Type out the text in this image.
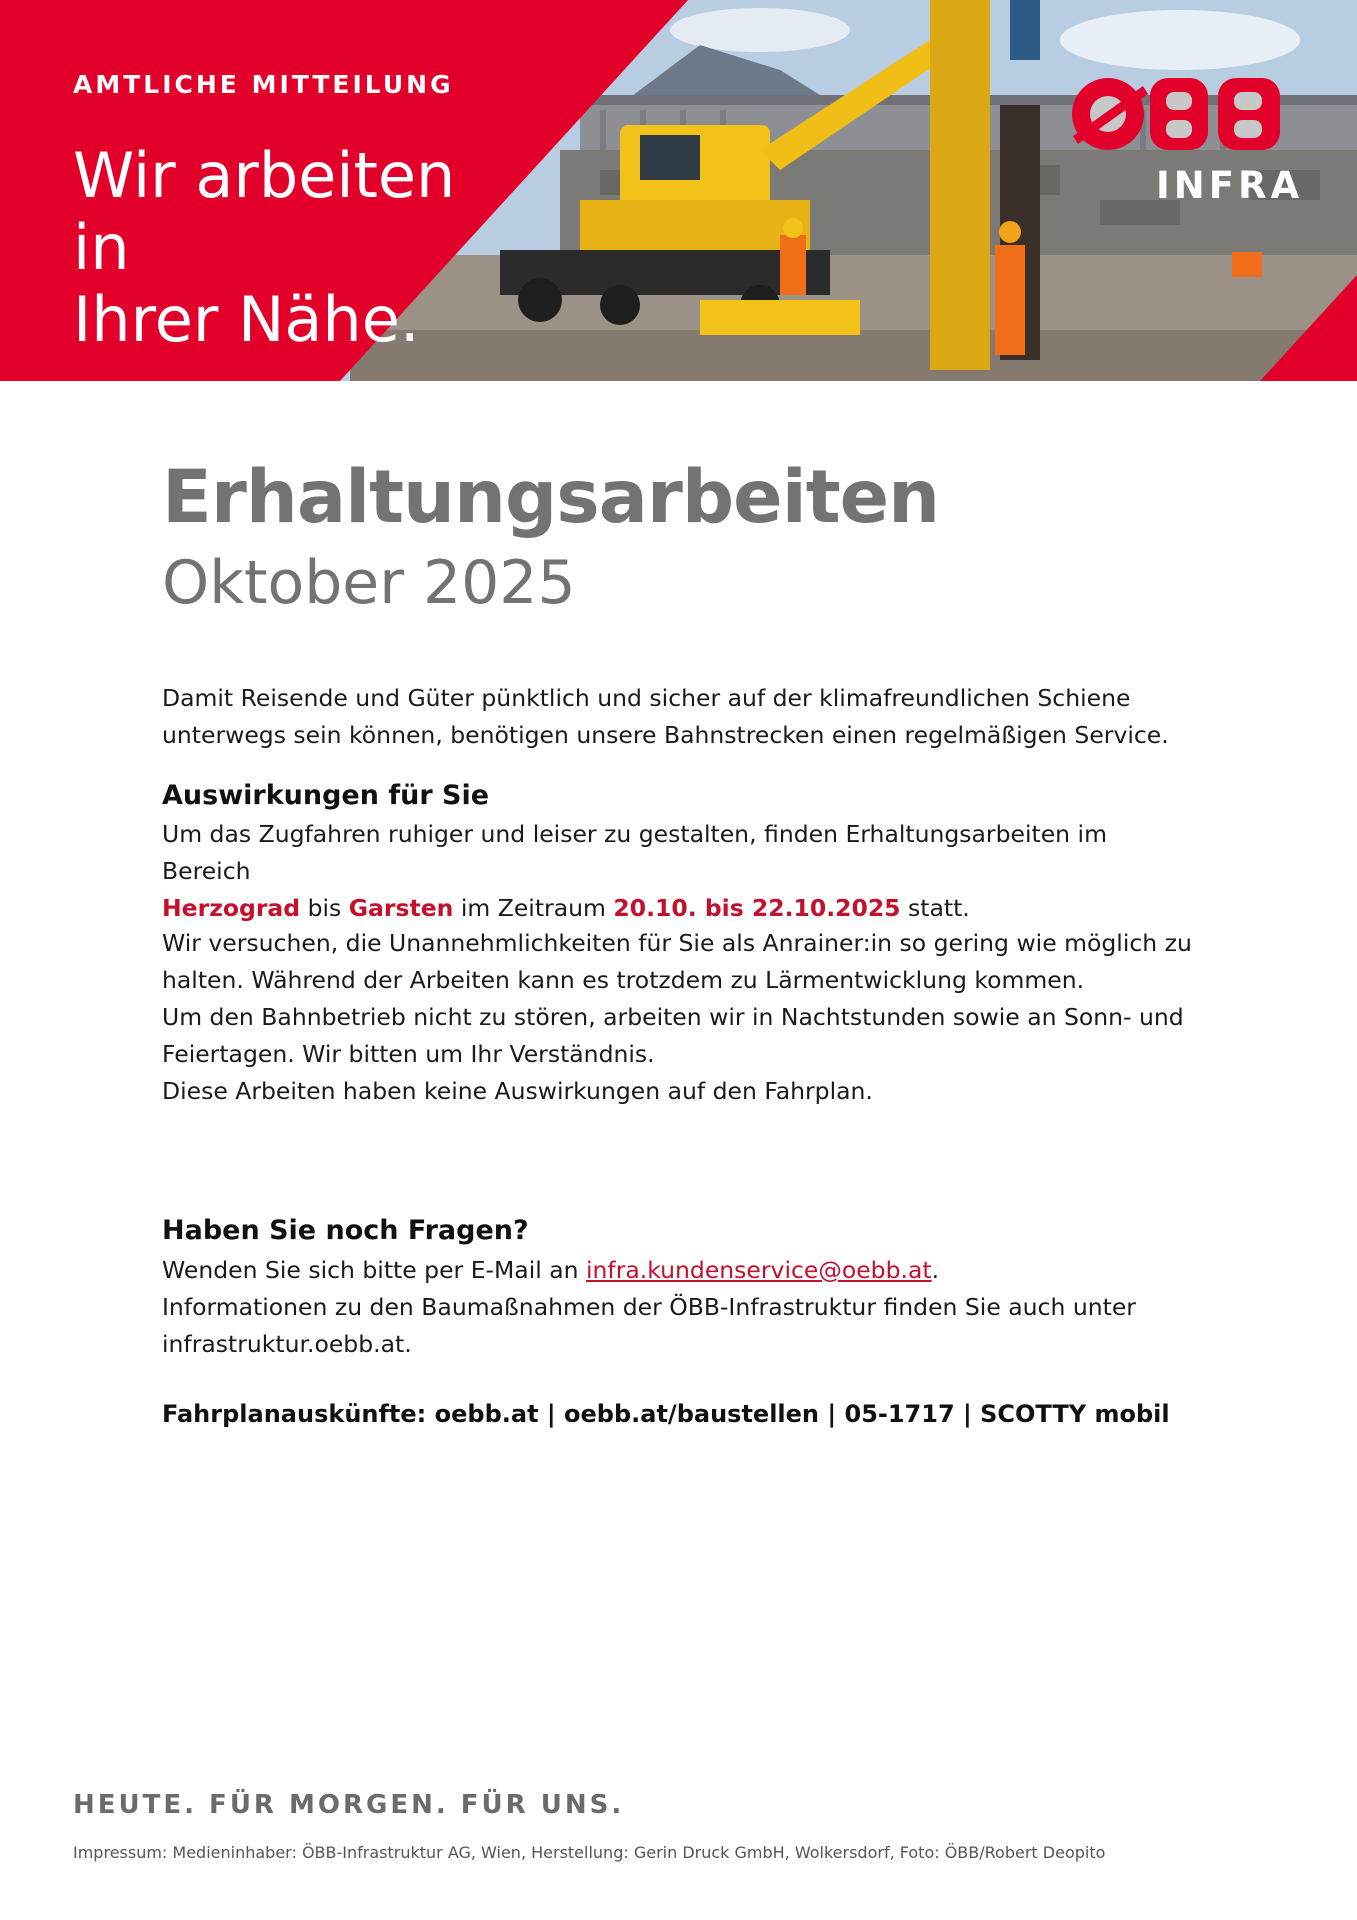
AMTLICHE MITTEILUNG
Wir arbeiten in
Ihrer Nähe.
INFRA
Erhaltungsarbeiten
Oktober 2025
Damit Reisende und Güter pünktlich und sicher auf der klimafreundlichen Schiene
unterwegs sein können, benötigen unsere Bahnstrecken einen regelmäßigen Service.
Auswirkungen für Sie
Um das Zugfahren ruhiger und leiser zu gestalten, finden Erhaltungsarbeiten im Bereich
Herzograd bis Garsten im Zeitraum 20.10. bis 22.10.2025 statt.
Wir versuchen, die Unannehmlichkeiten für Sie als Anrainer:in so gering wie möglich zu
halten. Während der Arbeiten kann es trotzdem zu Lärmentwicklung kommen.
Um den Bahnbetrieb nicht zu stören, arbeiten wir in Nachtstunden sowie an Sonn- und
Feiertagen. Wir bitten um Ihr Verständnis.
Diese Arbeiten haben keine Auswirkungen auf den Fahrplan.
Haben Sie noch Fragen?
Wenden Sie sich bitte per E-Mail an infra.kundenservice@oebb.at.
Informationen zu den Baumaßnahmen der ÖBB-Infrastruktur finden Sie auch unter
infrastruktur.oebb.at.
Fahrplanauskünfte: oebb.at | oebb.at/baustellen | 05-1717 | SCOTTY mobil
HEUTE. FÜR MORGEN. FÜR UNS.
Impressum: Medieninhaber: ÖBB-Infrastruktur AG, Wien, Herstellung: Gerin Druck GmbH, Wolkersdorf, Foto: ÖBB/Robert Deopito
